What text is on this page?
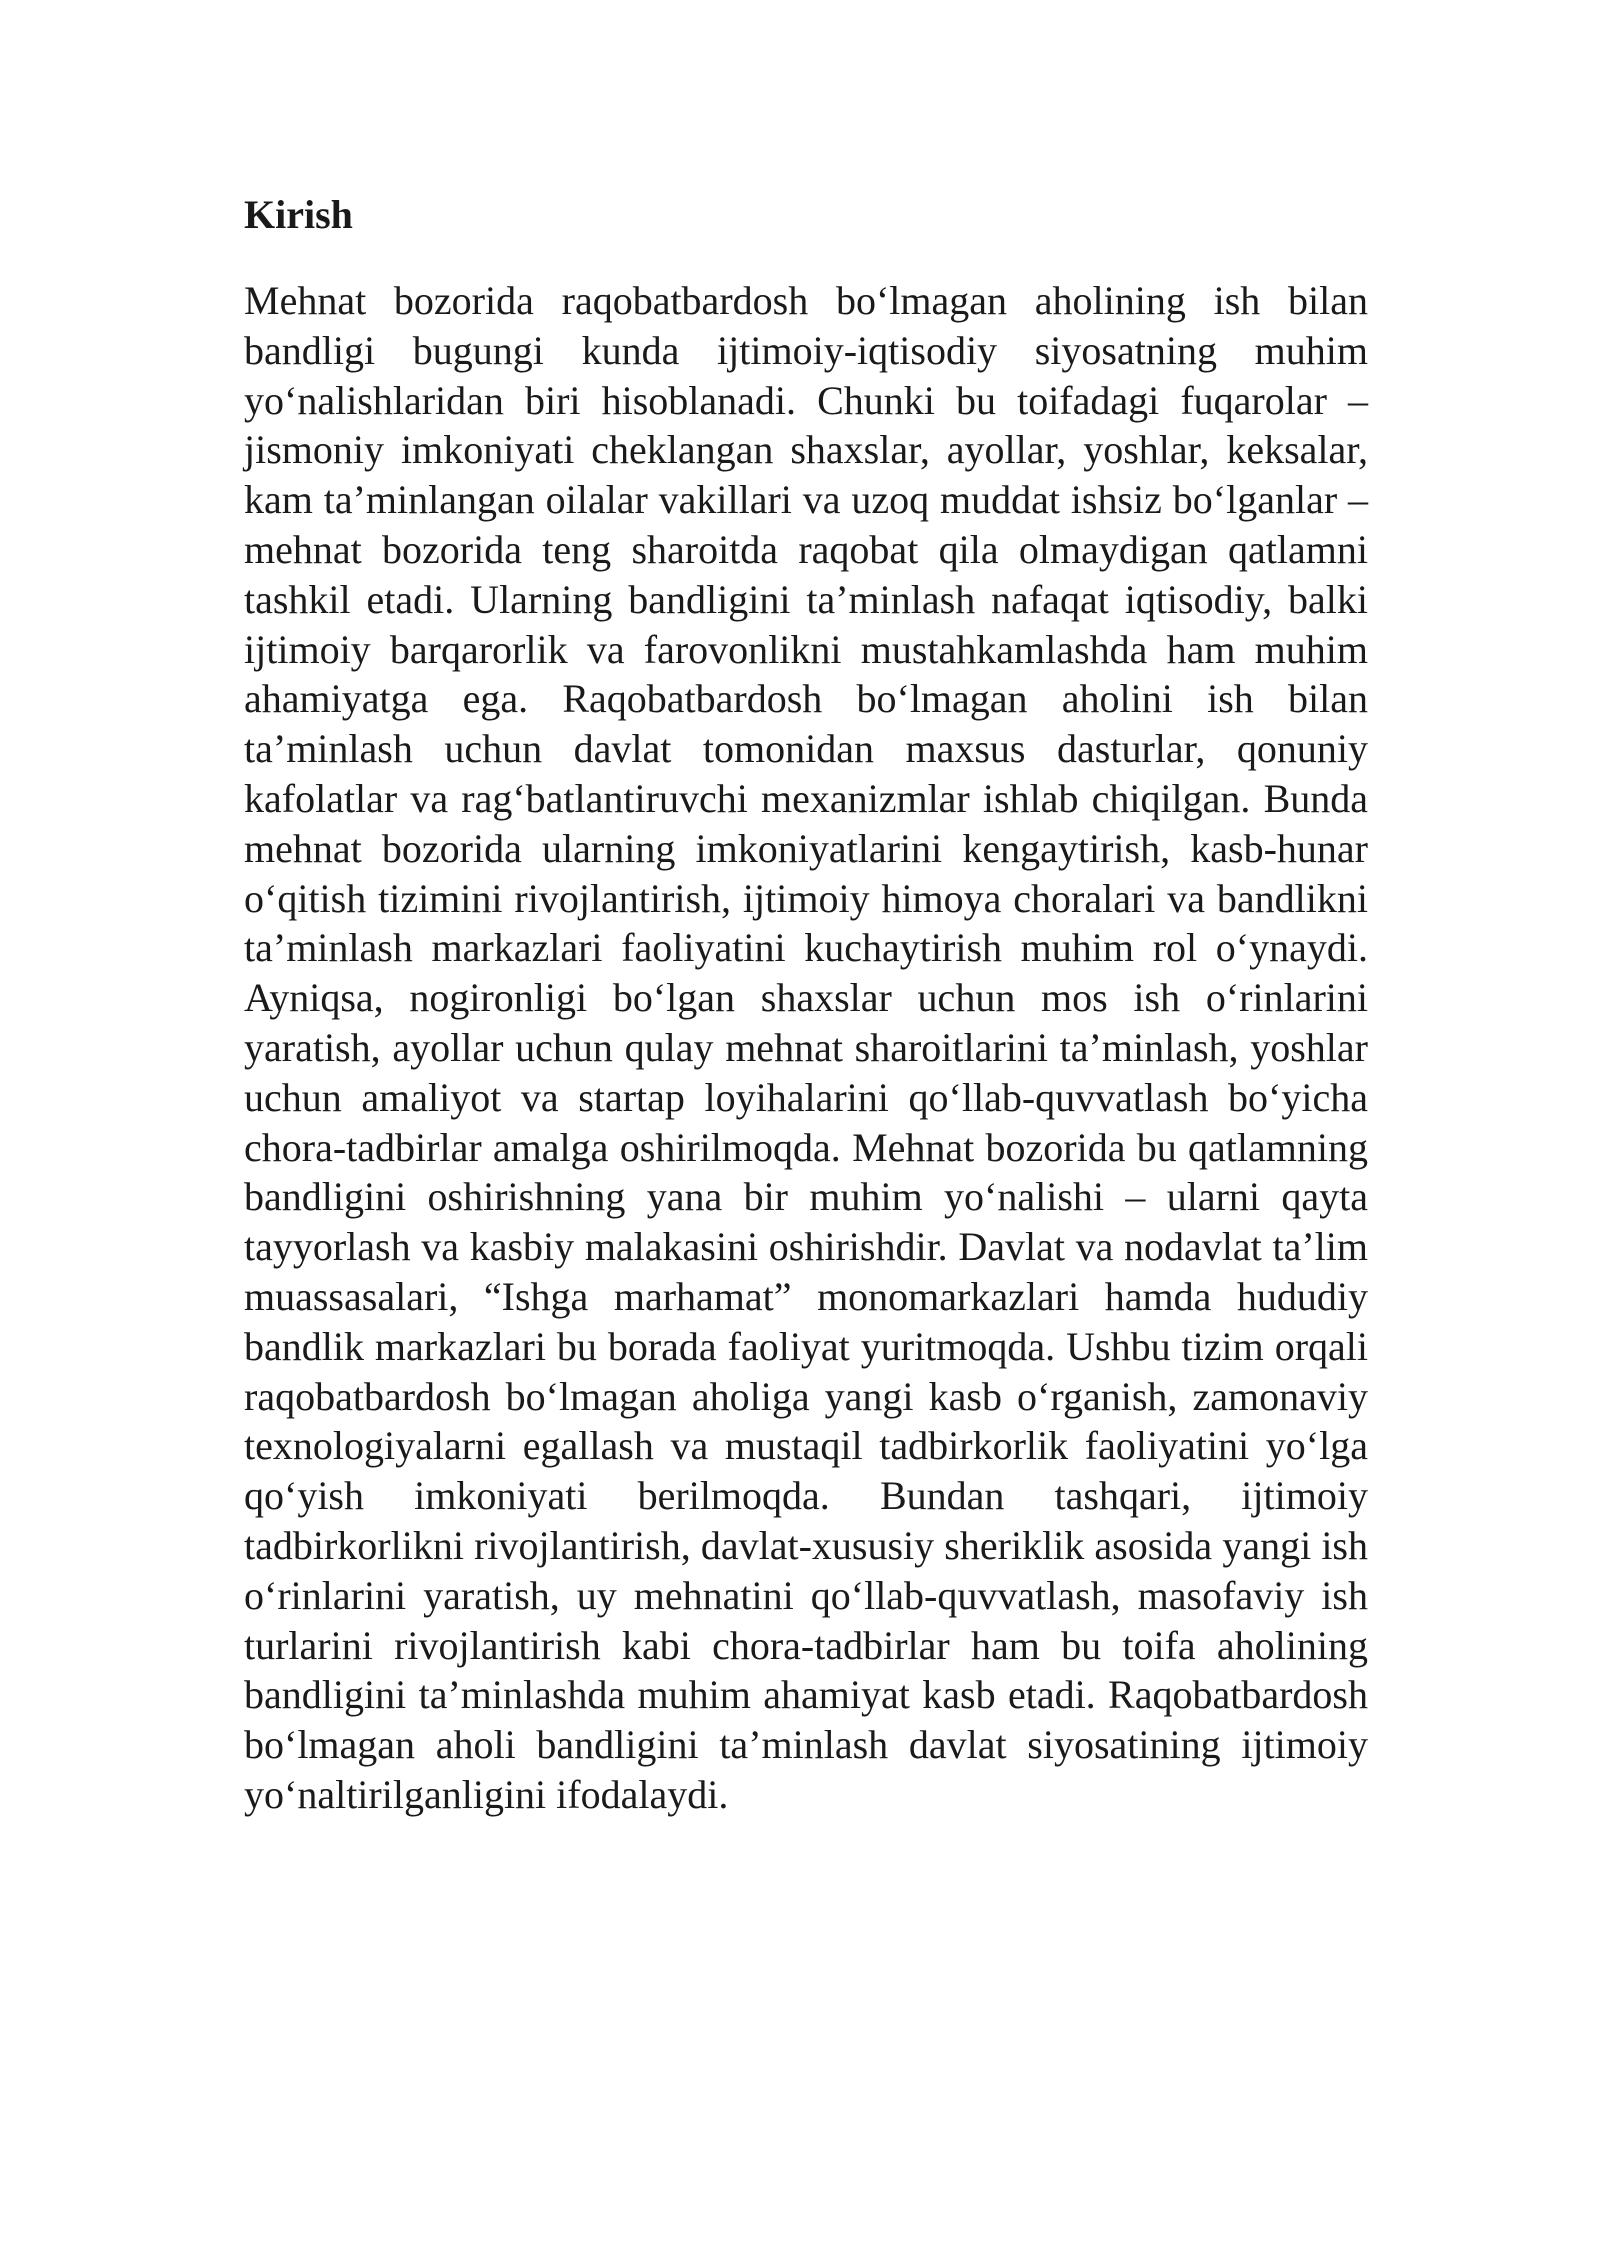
Kirish

Mehnat bozorida raqobatbardosh bo‘lmagan aholining ish bilan bandligi bugungi kunda ijtimoiy-iqtisodiy siyosatning muhim yo‘nalishlaridan biri hisoblanadi. Chunki bu toifadagi fuqarolar – jismoniy imkoniyati cheklangan shaxslar, ayollar, yoshlar, keksalar, kam ta’minlangan oilalar vakillari va uzoq muddat ishsiz bo‘lganlar – mehnat bozorida teng sharoitda raqobat qila olmaydigan qatlamni tashkil etadi. Ularning bandligini ta’minlash nafaqat iqtisodiy, balki ijtimoiy barqarorlik va farovonlikni mustahkamlashda ham muhim ahamiyatga ega. Raqobatbardosh bo‘lmagan aholini ish bilan ta’minlash uchun davlat tomonidan maxsus dasturlar, qonuniy kafolatlar va rag‘batlantiruvchi mexanizmlar ishlab chiqilgan. Bunda mehnat bozorida ularning imkoniyatlarini kengaytirish, kasb-hunar o‘qitish tizimini rivojlantirish, ijtimoiy himoya choralari va bandlikni ta’minlash markazlari faoliyatini kuchaytirish muhim rol o‘ynaydi. Ayniqsa, nogironligi bo‘lgan shaxslar uchun mos ish o‘rinlarini yaratish, ayollar uchun qulay mehnat sharoitlarini ta’minlash, yoshlar uchun amaliyot va startap loyihalarini qo‘llab-quvvatlash bo‘yicha chora-tadbirlar amalga oshirilmoqda. Mehnat bozorida bu qatlamning bandligini oshirishning yana bir muhim yo‘nalishi – ularni qayta tayyorlash va kasbiy malakasini oshirishdir. Davlat va nodavlat ta’lim muassasalari, “Ishga marhamat” monomarkazlari hamda hududiy bandlik markazlari bu borada faoliyat yuritmoqda. Ushbu tizim orqali raqobatbardosh bo‘lmagan aholiga yangi kasb o‘rganish, zamonaviy texnologiyalarni egallash va mustaqil tadbirkorlik faoliyatini yo‘lga qo‘yish imkoniyati berilmoqda. Bundan tashqari, ijtimoiy tadbirkorlikni rivojlantirish, davlat-xususiy sheriklik asosida yangi ish o‘rinlarini yaratish, uy mehnatini qo‘llab-quvvatlash, masofaviy ish turlarini rivojlantirish kabi chora-tadbirlar ham bu toifa aholining bandligini ta’minlashda muhim ahamiyat kasb etadi. Raqobatbardosh bo‘lmagan aholi bandligini ta’minlash davlat siyosatining ijtimoiy yo‘naltirilganligini ifodalaydi.
